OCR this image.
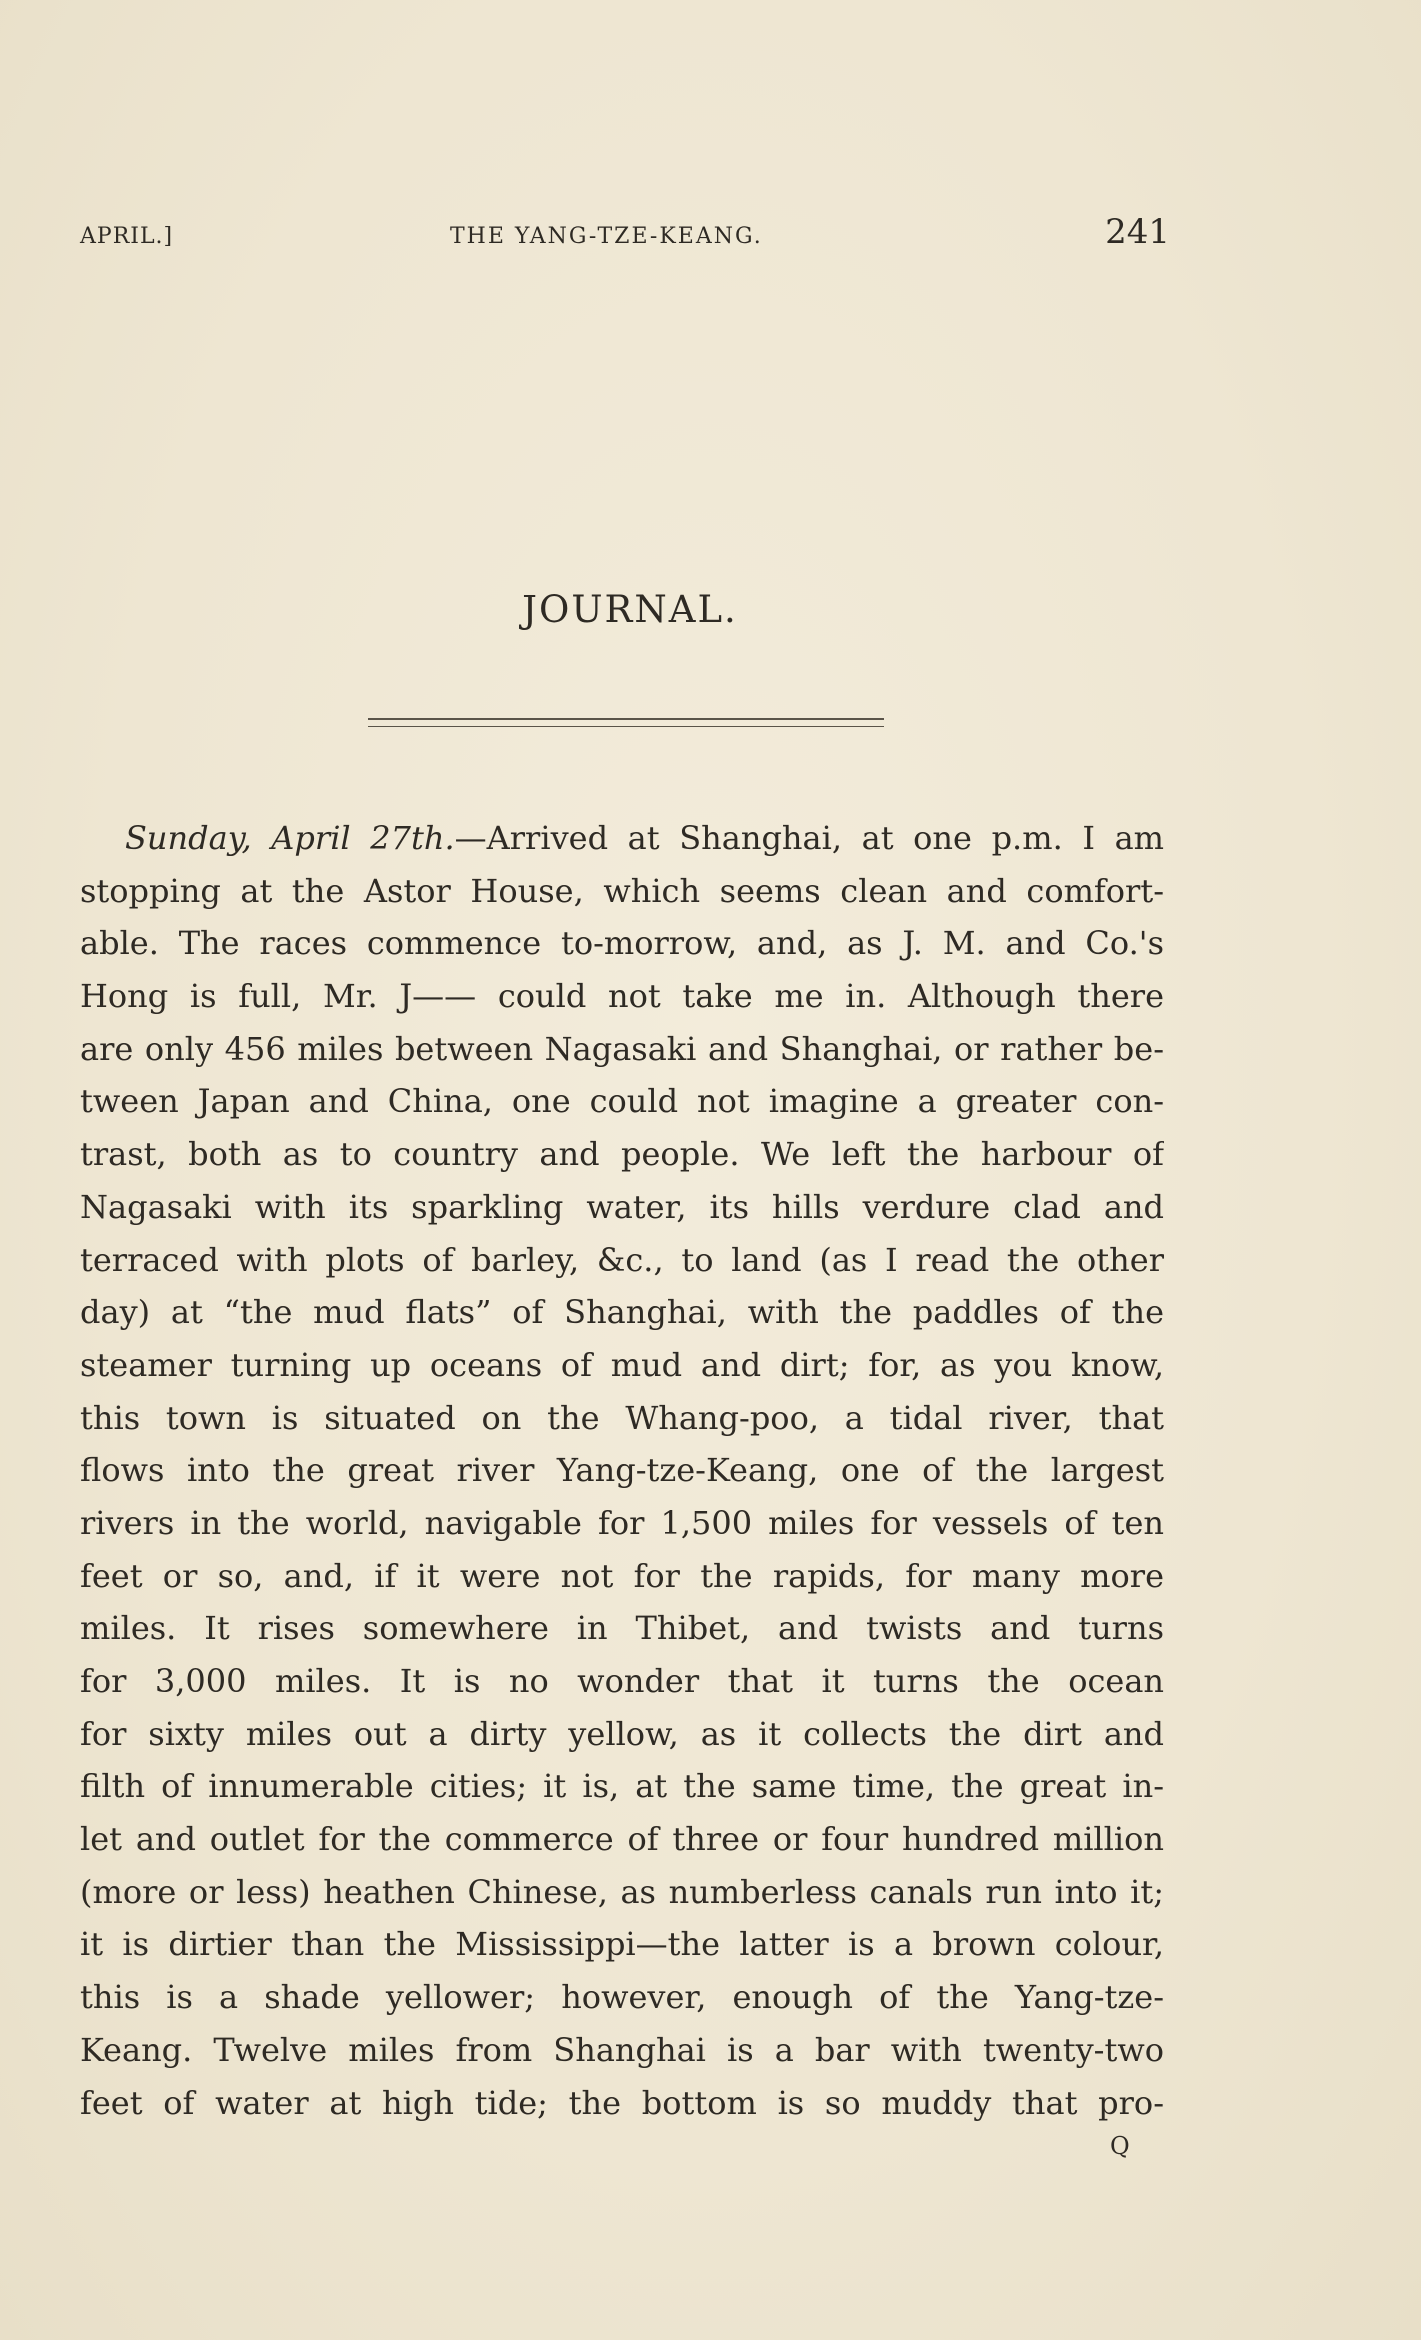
APRIL.]	THE YANG-TZE-KEANG.	241
JOURNAL.
Sunday, April 27th.—Arrived at Shanghai, at one p.m. I am
stopping at the Astor House, which seems clean and comfort-
able. The races commence to-morrow, and, as J. M. and Co.'s
Hong is full, Mr. J—— could not take me in. Although there
are only 456 miles between Nagasaki and Shanghai, or rather be-
tween Japan and China, one could not imagine a greater con-
trast, both as to country and people. We left the harbour of
Nagasaki with its sparkling water, its hills verdure clad and
terraced with plots of barley, &c., to land (as I read the other
day) at “the mud flats” of Shanghai, with the paddles of the
steamer turning up oceans of mud and dirt; for, as you know,
this town is situated on the Whang-poo, a tidal river, that
flows into the great river Yang-tze-Keang, one of the largest
rivers in the world, navigable for 1,500 miles for vessels of ten
feet or so, and, if it were not for the rapids, for many more
miles. It rises somewhere in Thibet, and twists and turns
for 3,000 miles. It is no wonder that it turns the ocean
for sixty miles out a dirty yellow, as it collects the dirt and
filth of innumerable cities; it is, at the same time, the great in-
let and outlet for the commerce of three or four hundred million
(more or less) heathen Chinese, as numberless canals run into it;
it is dirtier than the Mississippi—the latter is a brown colour,
this is a shade yellower; however, enough of the Yang-tze-
Keang. Twelve miles from Shanghai is a bar with twenty-two
feet of water at high tide; the bottom is so muddy that pro-
Q
